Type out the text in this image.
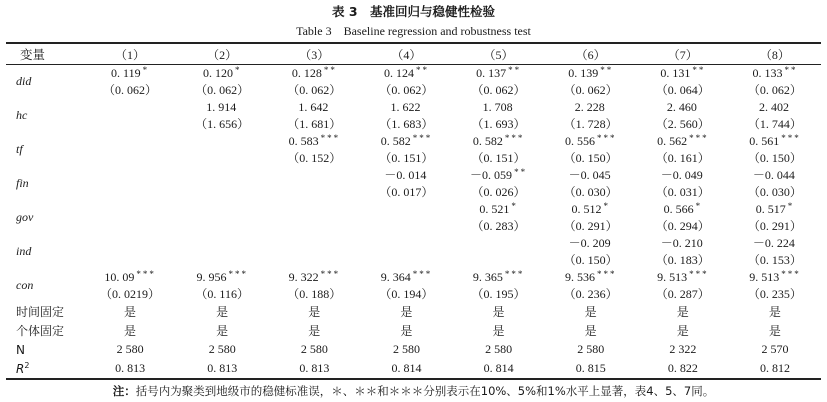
表 3　基准回归与稳健性检验
Table 3　Baseline regression and robustness test
变量	（1）	（2）	（3）	（4）	（5）	（6）	（7）	（8）
did	0. 119 *	0. 120 *	0. 128 **	0. 124 **	0. 137 **	0. 139 **	0. 131 **	0. 133 **
	（0. 062）	（0. 062）	（0. 062）	（0. 062）	（0. 062）	（0. 062）	（0. 064）	（0. 062）
hc		1. 914	1. 642	1. 622	1. 708	2. 228	2. 460	2. 402
		（1. 656）	（1. 681）	（1. 683）	（1. 693）	（1. 728）	（2. 560）	（1. 744）
tf			0. 583 ***	0. 582 ***	0. 582 ***	0. 556 ***	0. 562 ***	0. 561 ***
			（0. 152）	（0. 151）	（0. 151）	（0. 150）	（0. 161）	（0. 150）
fin				－0. 014	－0. 059 **	－0. 045	－0. 049	－0. 044
				（0. 017）	（0. 026）	（0. 030）	（0. 031）	（0. 030）
gov					0. 521 *	0. 512 *	0. 566 *	0. 517 *
					（0. 283）	（0. 291）	（0. 294）	（0. 291）
ind						－0. 209	－0. 210	－0. 224
						（0. 150）	（0. 183）	（0. 153）
con	10. 09 ***	9. 956 ***	9. 322 ***	9. 364 ***	9. 365 ***	9. 536 ***	9. 513 ***	9. 513 ***
	（0. 0219）	（0. 116）	（0. 188）	（0. 194）	（0. 195）	（0. 236）	（0. 287）	（0. 235）
时间固定	是	是	是	是	是	是	是	是
个体固定	是	是	是	是	是	是	是	是
N	2 580	2 580	2 580	2 580	2 580	2 580	2 322	2 570
$R^2$	0. 813	0. 813	0. 813	0. 814	0. 814	0. 815	0. 822	0. 812
注：括号内为聚类到地级市的稳健标准误，＊、＊＊和＊＊＊分别表示在10%、5%和1%水平上显著，表4、5、7同。
